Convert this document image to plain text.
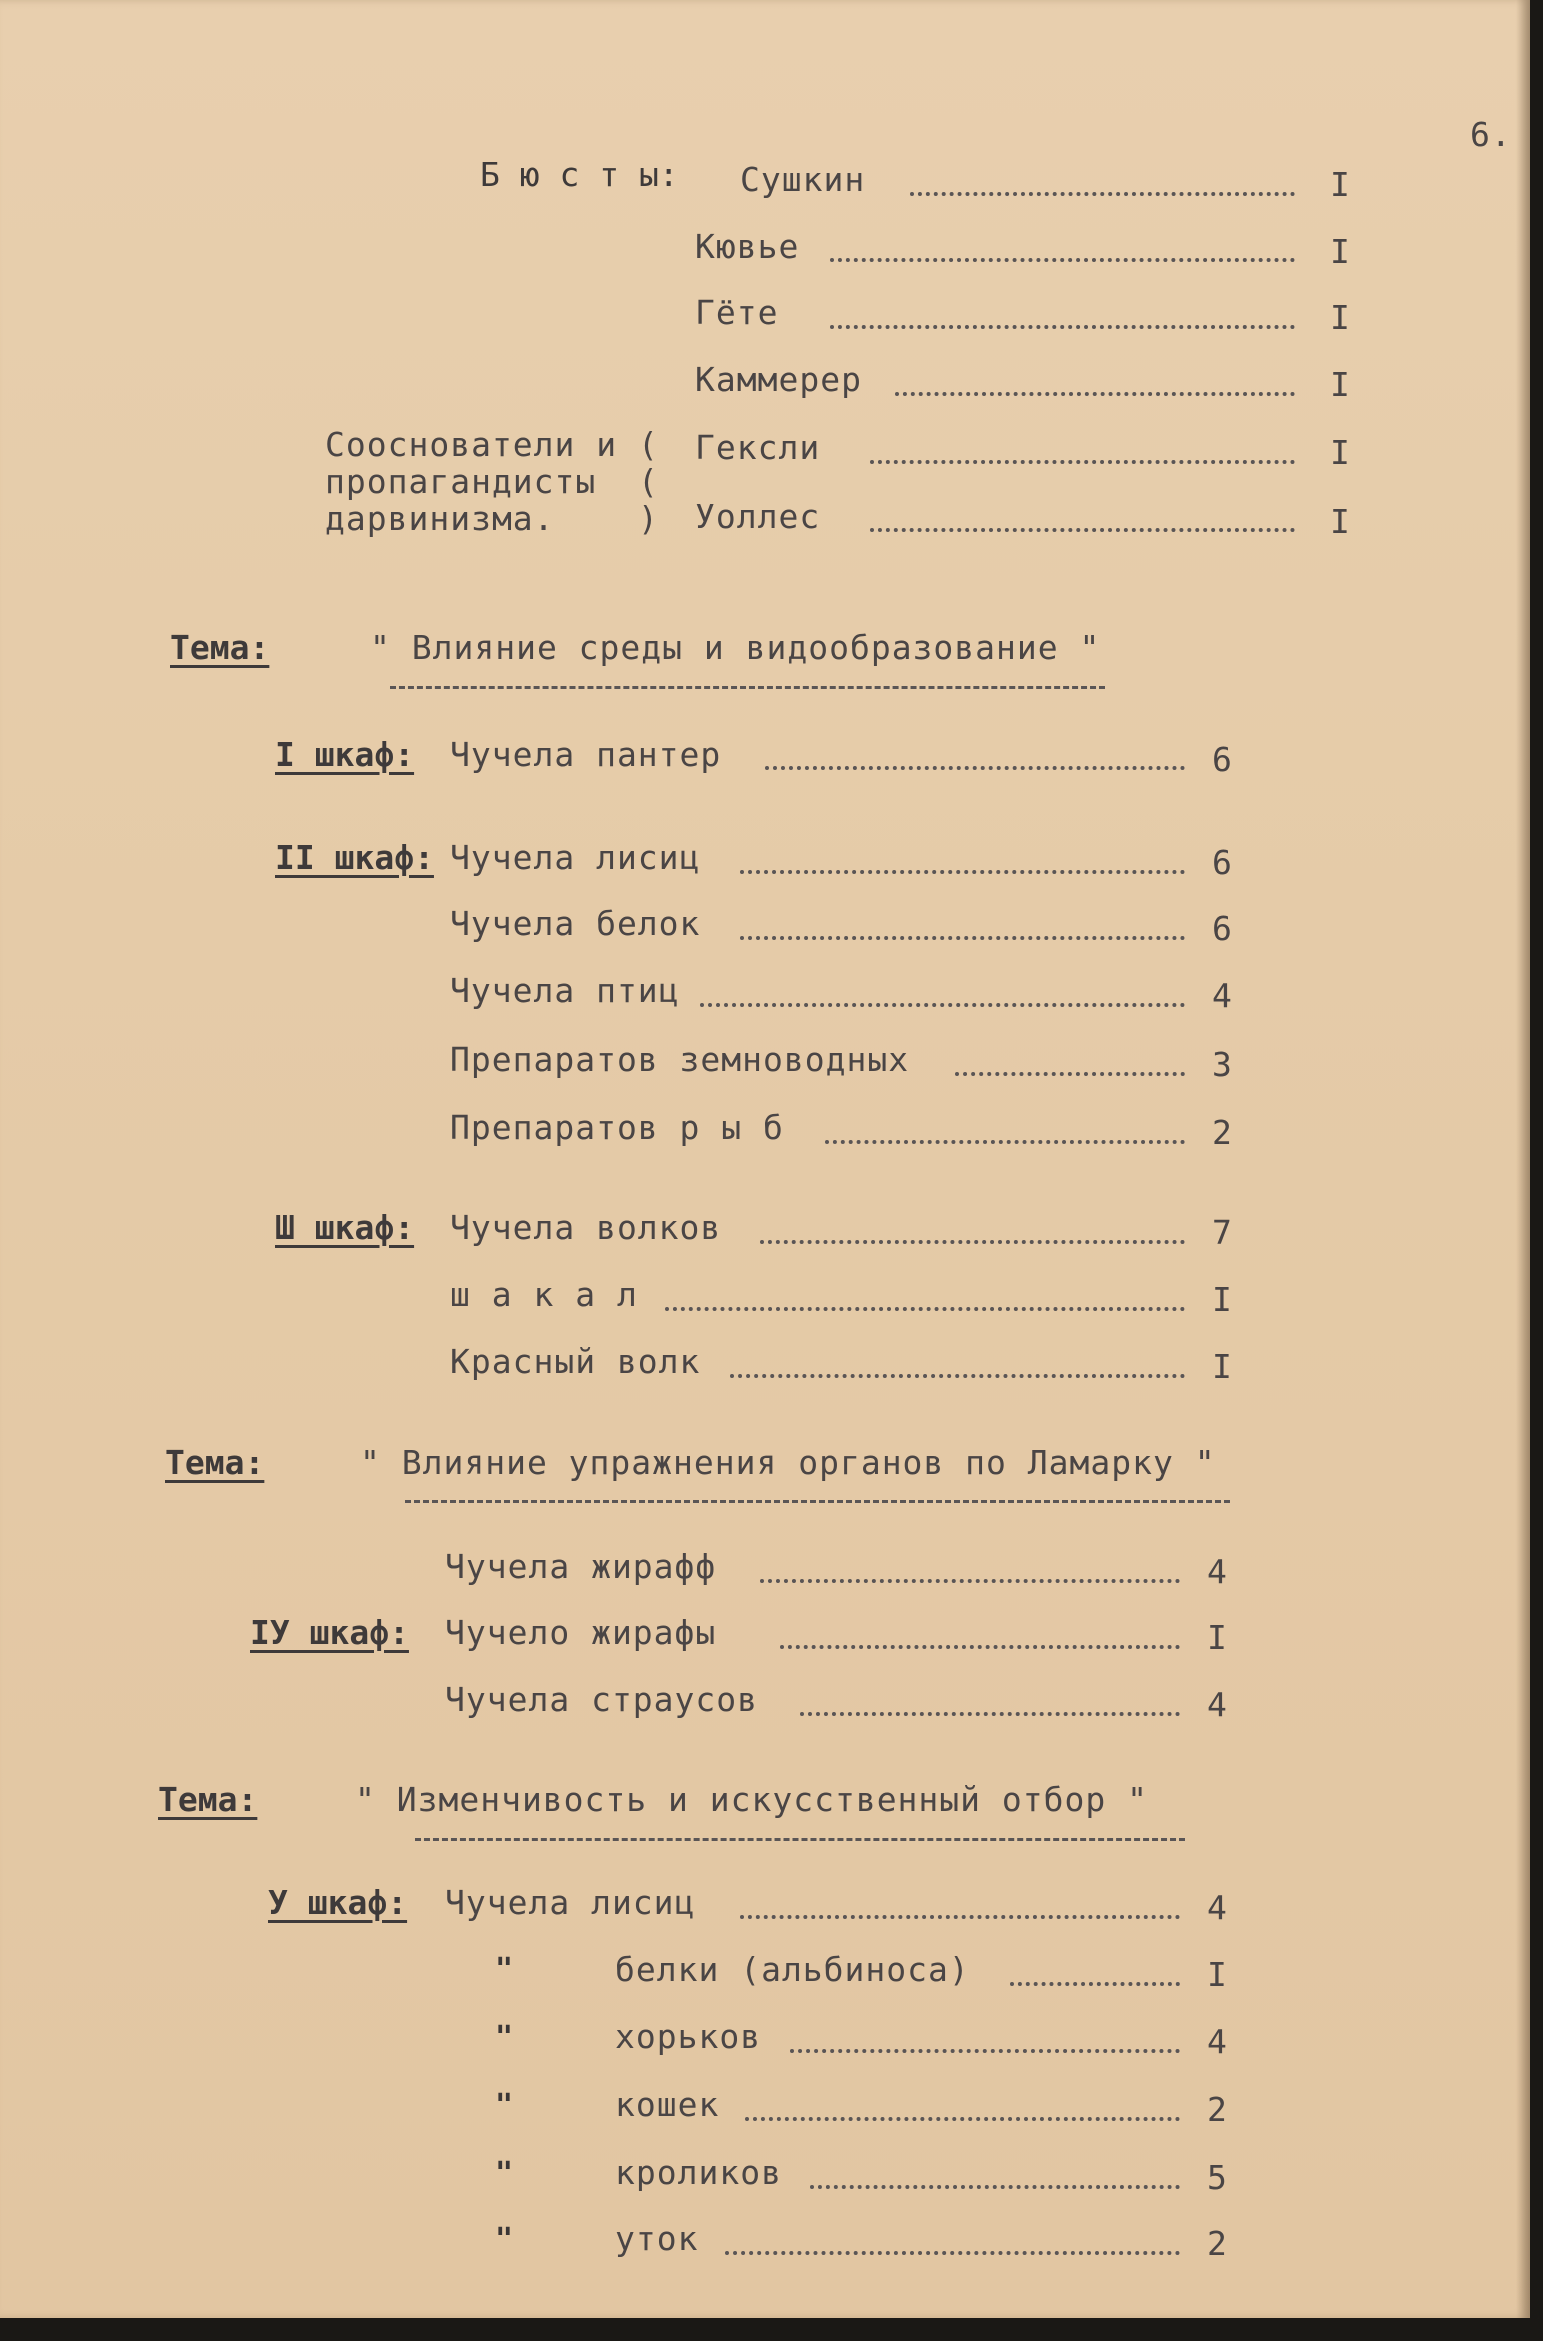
6.
Б ю с т ы: Сушкин	I
Кювье	I
Гёте	I
Каммерер	I
Сооснователи и (
пропагандисты  (
дарвинизма.    )
Гексли	I
Уоллес	I
Тема:	" Влияние среды и видообразование "
I шкаф: Чучела пантер	6
II шкаф: Чучела лисиц	6
Чучела белок	6
Чучела птиц	4
Препаратов земноводных	3
Препаратов р ы б	2
Ш шкаф: Чучела волков	7
ш а к а л	I
Красный волк	I
Тема:	" Влияние упражнения органов по Ламарку "
Чучела жирафф	4
IУ шкаф: Чучело жирафы	I
Чучела страусов	4
Тема:	" Изменчивость и искусственный отбор "
У шкаф: Чучела лисиц	4
"	белки (альбиноса)	I
"	хорьков	4
"	кошек	2
"	кроликов	5
"	уток	2
